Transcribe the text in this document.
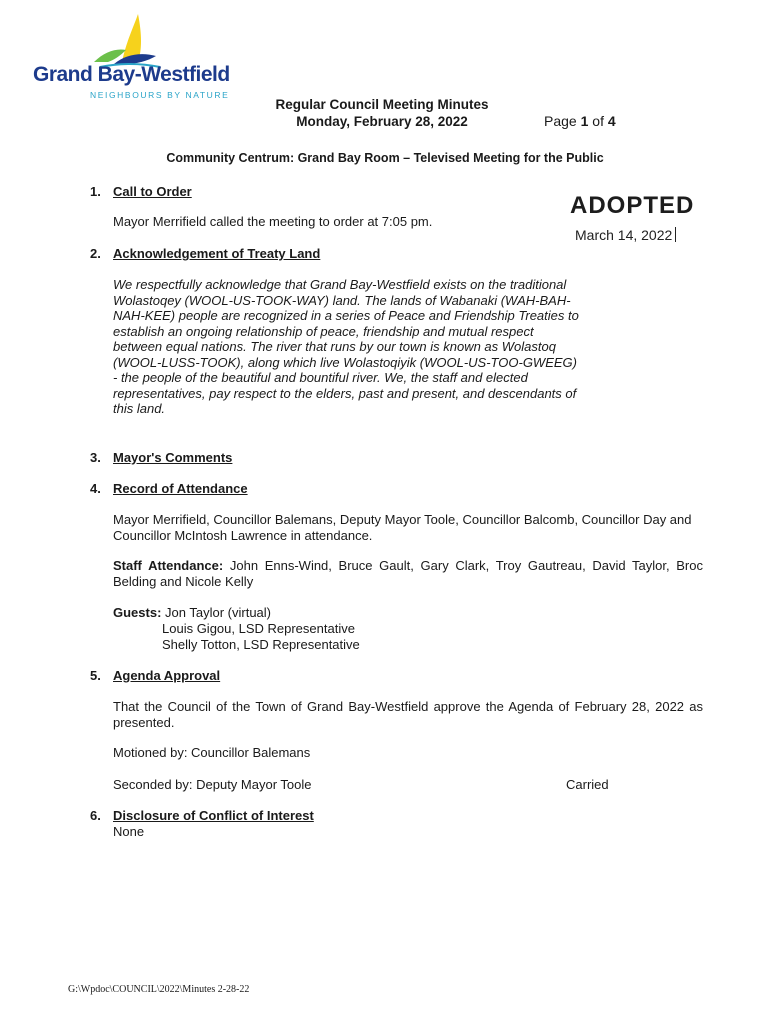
Grand Bay-Westfield
NEIGHBOURS BY NATURE
Regular Council Meeting Minutes
Monday, February 28, 2022	Page 1 of 4
Community Centrum: Grand Bay Room – Televised Meeting for the Public
ADOPTED
March 14, 2022
1. Call to Order
Mayor Merrifield called the meeting to order at 7:05 pm.
2. Acknowledgement of Treaty Land
We respectfully acknowledge that Grand Bay-Westfield exists on the traditional Wolastoqey (WOOL-US-TOOK-WAY) land. The lands of Wabanaki (WAH-BAH-NAH-KEE) people are recognized in a series of Peace and Friendship Treaties to establish an ongoing relationship of peace, friendship and mutual respect between equal nations. The river that runs by our town is known as Wolastoq (WOOL-LUSS-TOOK), along which live Wolastoqiyik (WOOL-US-TOO-GWEEG) - the people of the beautiful and bountiful river. We, the staff and elected representatives, pay respect to the elders, past and present, and descendants of this land.
3. Mayor's Comments
4. Record of Attendance
Mayor Merrifield, Councillor Balemans, Deputy Mayor Toole, Councillor Balcomb, Councillor Day and Councillor McIntosh Lawrence in attendance.
Staff Attendance: John Enns-Wind, Bruce Gault, Gary Clark, Troy Gautreau, David Taylor, Broc Belding and Nicole Kelly
Guests: Jon Taylor (virtual)
Louis Gigou, LSD Representative
Shelly Totton, LSD Representative
5. Agenda Approval
That the Council of the Town of Grand Bay-Westfield approve the Agenda of February 28, 2022 as presented.
Motioned by: Councillor Balemans
Seconded by: Deputy Mayor Toole	Carried
6. Disclosure of Conflict of Interest
None
G:\Wpdoc\COUNCIL\2022\Minutes 2-28-22
